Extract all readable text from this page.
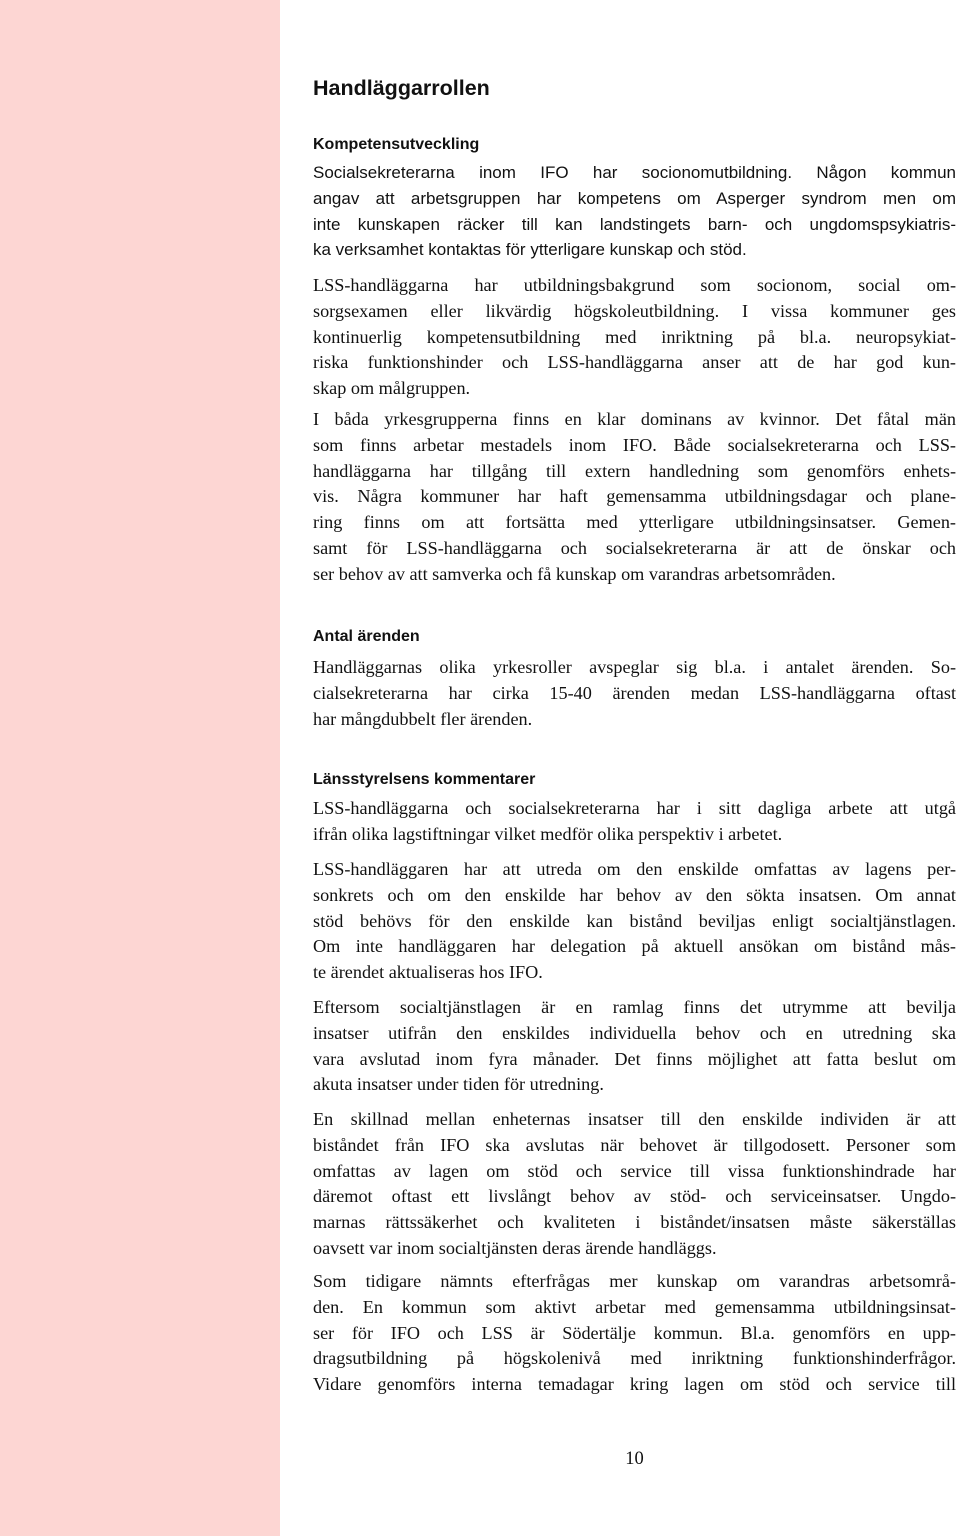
Handläggarrollen
Kompetensutveckling

Socialsekreterarna inom IFO har socionomutbildning. Någon kommun
angav att arbetsgruppen har kompetens om Asperger syndrom men om
inte kunskapen räcker till kan landstingets barn- och ungdomspsykiatris-
ka verksamhet kontaktas för ytterligare kunskap och stöd.

LSS-handläggarna har utbildningsbakgrund som socionom, social om-
sorgsexamen eller likvärdig högskoleutbildning. I vissa kommuner ges
kontinuerlig kompetensutbildning med inriktning på bl.a. neuropsykiat-
riska funktionshinder och LSS-handläggarna anser att de har god kun-
skap om målgruppen.

I båda yrkesgrupperna finns en klar dominans av kvinnor. Det fåtal män
som finns arbetar mestadels inom IFO. Både socialsekreterarna och LSS-
handläggarna har tillgång till extern handledning som genomförs enhets-
vis. Några kommuner har haft gemensamma utbildningsdagar och plane-
ring finns om att fortsätta med ytterligare utbildningsinsatser. Gemen-
samt för LSS-handläggarna och socialsekreterarna är att de önskar och
ser behov av att samverka och få kunskap om varandras arbetsområden.

Antal ärenden

Handläggarnas olika yrkesroller avspeglar sig bl.a. i antalet ärenden. So-
cialsekreterarna har cirka 15-40 ärenden medan LSS-handläggarna oftast
har mångdubbelt fler ärenden.

Länsstyrelsens kommentarer

LSS-handläggarna och socialsekreterarna har i sitt dagliga arbete att utgå
ifrån olika lagstiftningar vilket medför olika perspektiv i arbetet.

LSS-handläggaren har att utreda om den enskilde omfattas av lagens per-
sonkrets och om den enskilde har behov av den sökta insatsen. Om annat
stöd behövs för den enskilde kan bistånd beviljas enligt socialtjänstlagen.
Om inte handläggaren har delegation på aktuell ansökan om bistånd mås-
te ärendet aktualiseras hos IFO.

Eftersom socialtjänstlagen är en ramlag finns det utrymme att bevilja
insatser utifrån den enskildes individuella behov och en utredning ska
vara avslutad inom fyra månader. Det finns möjlighet att fatta beslut om
akuta insatser under tiden för utredning.

En skillnad mellan enheternas insatser till den enskilde individen är att
biståndet från IFO ska avslutas när behovet är tillgodosett. Personer som
omfattas av lagen om stöd och service till vissa funktionshindrade har
däremot oftast ett livslångt behov av stöd- och serviceinsatser. Ungdo-
marnas rättssäkerhet och kvaliteten i biståndet/insatsen måste säkerställas
oavsett var inom socialtjänsten deras ärende handläggs.

Som tidigare nämnts efterfrågas mer kunskap om varandras arbetsområ-
den. En kommun som aktivt arbetar med gemensamma utbildningsinsat-
ser för IFO och LSS är Södertälje kommun. Bl.a. genomförs en upp-
dragsutbildning på högskolenivå med inriktning funktionshinderfrågor.
Vidare genomförs interna temadagar kring lagen om stöd och service till

10
